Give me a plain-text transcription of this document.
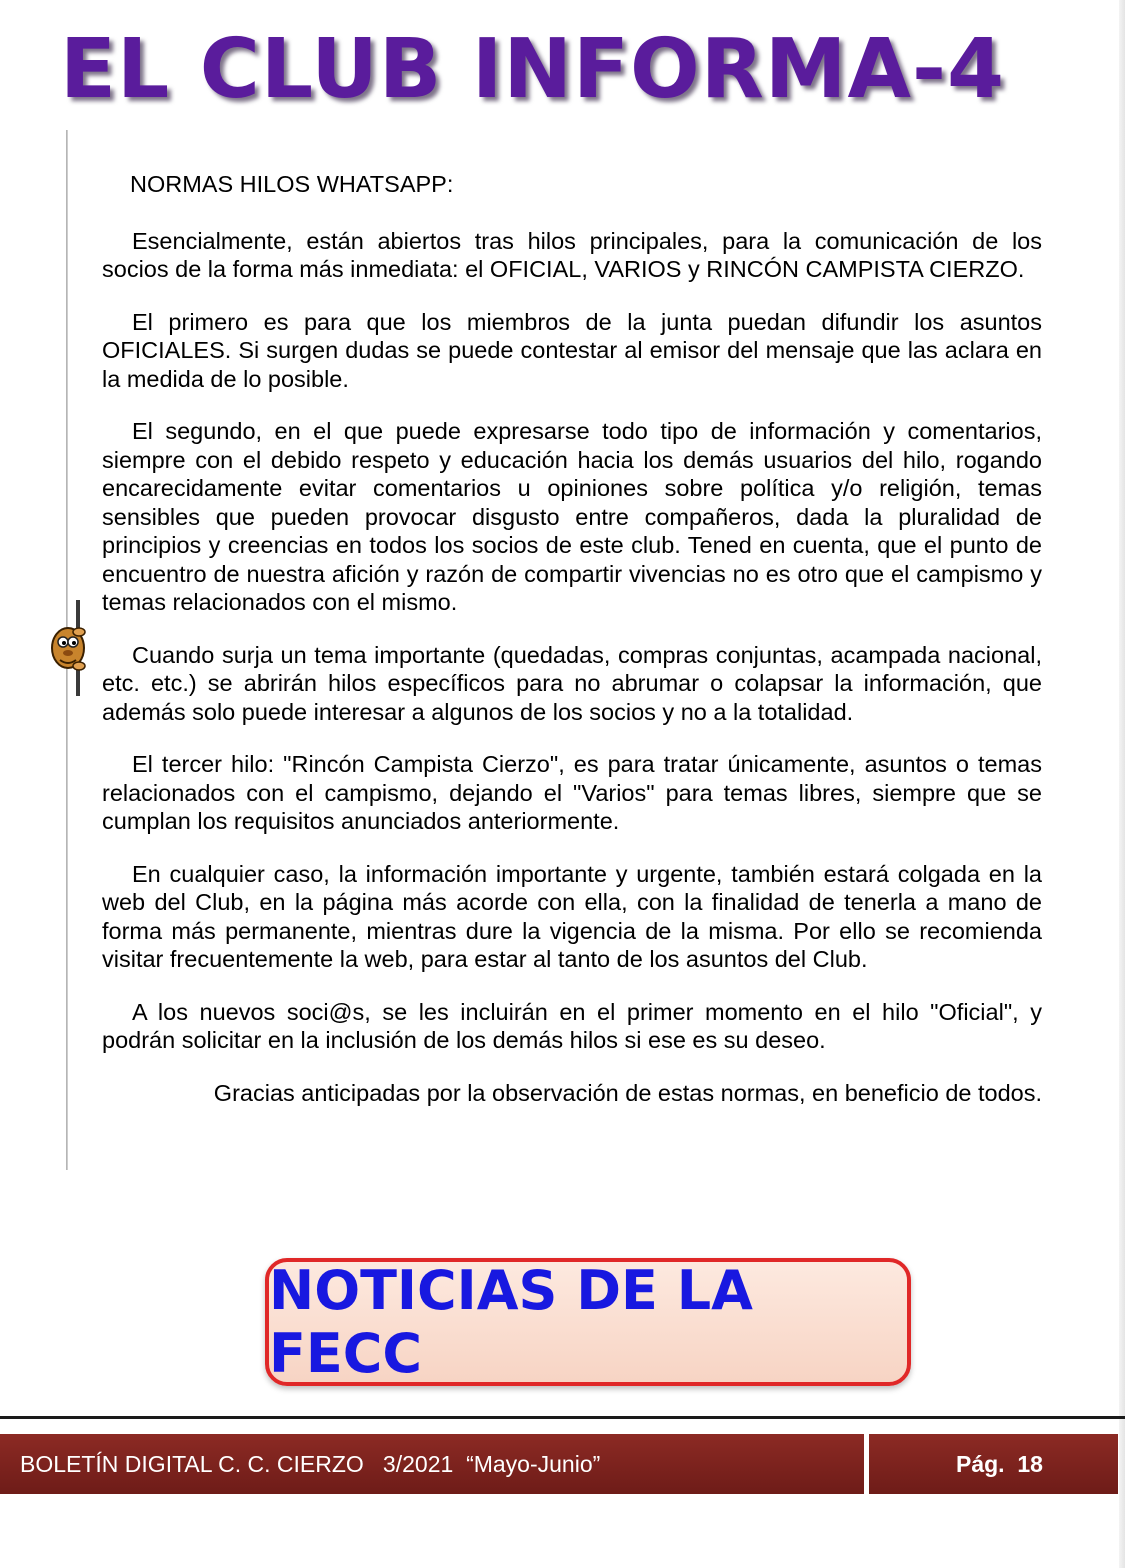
EL CLUB INFORMA-4

NORMAS HILOS WHATSAPP:

Esencialmente, están abiertos tras hilos principales, para la comunicación de los socios de la forma más inmediata: el OFICIAL, VARIOS y RINCÓN CAMPISTA CIERZO.

El primero es para que los miembros de la junta puedan difundir los asuntos OFICIALES. Si surgen dudas se puede contestar al emisor del mensaje que las aclara en la medida de lo posible.

El segundo, en el que puede expresarse todo tipo de información y comentarios, siempre con el debido respeto y educación hacia los demás usuarios del hilo, rogando encarecidamente evitar comentarios u opiniones sobre política y/o religión, temas sensibles que pueden provocar disgusto entre compañeros, dada la pluralidad de principios y creencias en todos los socios de este club. Tened en cuenta, que el punto de encuentro de nuestra afición y razón de compartir vivencias no es otro que el campismo y temas relacionados con el mismo.

Cuando surja un tema importante (quedadas, compras conjuntas, acampada nacional, etc. etc.) se abrirán hilos específicos para no abrumar o colapsar la información, que además solo puede interesar a algunos de los socios y no a la totalidad.

El tercer hilo: "Rincón Campista Cierzo", es para tratar únicamente, asuntos o temas relacionados con el campismo, dejando el "Varios" para temas libres, siempre que se cumplan los requisitos anunciados anteriormente.

En cualquier caso, la información importante y urgente, también estará colgada en la web del Club, en la página más acorde con ella, con la finalidad de tenerla a mano de forma más permanente, mientras dure la vigencia de la misma. Por ello se recomienda visitar frecuentemente la web, para estar al tanto de los asuntos del Club.

A los nuevos soci@s, se les incluirán en el primer momento en el hilo "Oficial", y podrán solicitar en la inclusión de los demás hilos si ese es su deseo.

Gracias anticipadas por la observación de estas normas, en beneficio de todos.

NOTICIAS DE LA FECC
BOLETÍN DIGITAL C. C. CIERZO   3/2021  “Mayo-Junio”	Pág.  18
